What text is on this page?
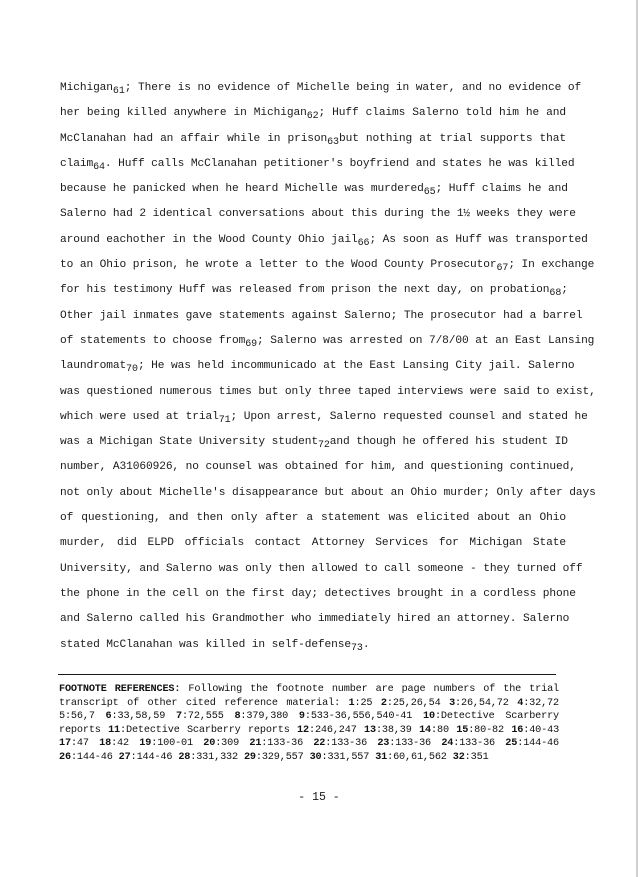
Michigan$_{61}$; There is no evidence of Michelle being in water, and no evidence of
her being killed anywhere in Michigan$_{62}$; Huff claims Salerno told him he and
McClanahan had an affair while in prison$_{63}$but nothing at trial supports that
claim$_{64}$. Huff calls McClanahan petitioner's boyfriend and states he was killed
because he panicked when he heard Michelle was murdered$_{65}$; Huff claims he and
Salerno had 2 identical conversations about this during the 1½ weeks they were
around eachother in the Wood County Ohio jail$_{66}$; As soon as Huff was transported
to an Ohio prison, he wrote a letter to the Wood County Prosecutor$_{67}$; In exchange
for his testimony Huff was released from prison the next day, on probation$_{68}$;
Other jail inmates gave statements against Salerno; The prosecutor had a barrel
of statements to choose from$_{69}$; Salerno was arrested on 7/8/00 at an East Lansing
laundromat$_{70}$; He was held incommunicado at the East Lansing City jail. Salerno
was questioned numerous times but only three taped interviews were said to exist,
which were used at trial$_{71}$; Upon arrest, Salerno requested counsel and stated he
was a Michigan State University student$_{72}$and though he offered his student ID
number, A31060926, no counsel was obtained for him, and questioning continued,
not only about Michelle's disappearance but about an Ohio murder; Only after days
of questioning, and then only after a statement was elicited about an Ohio
murder, did ELPD officials contact Attorney Services for Michigan State
University, and Salerno was only then allowed to call someone - they turned off
the phone in the cell on the first day; detectives brought in a cordless phone
and Salerno called his Grandmother who immediately hired an attorney. Salerno
stated McClanahan was killed in self-defense$_{73}$.
FOOTNOTE REFERENCES: Following the footnote number are page numbers of the trial transcript of other cited reference material: 1:25 2:25,26,54 3:26,54,72 4:32,72 5:56,7 6:33,58,59 7:72,555 8:379,380 9:533-36,556,540-41 10:Detective Scarberry reports 11:Detective Scarberry reports 12:246,247 13:38,39 14:80 15:80-82 16:40-43 17:47 18:42 19:100-01 20:309 21:133-36 22:133-36 23:133-36 24:133-36 25:144-46 26:144-46 27:144-46 28:331,332 29:329,557 30:331,557 31:60,61,562 32:351
- 15 -
